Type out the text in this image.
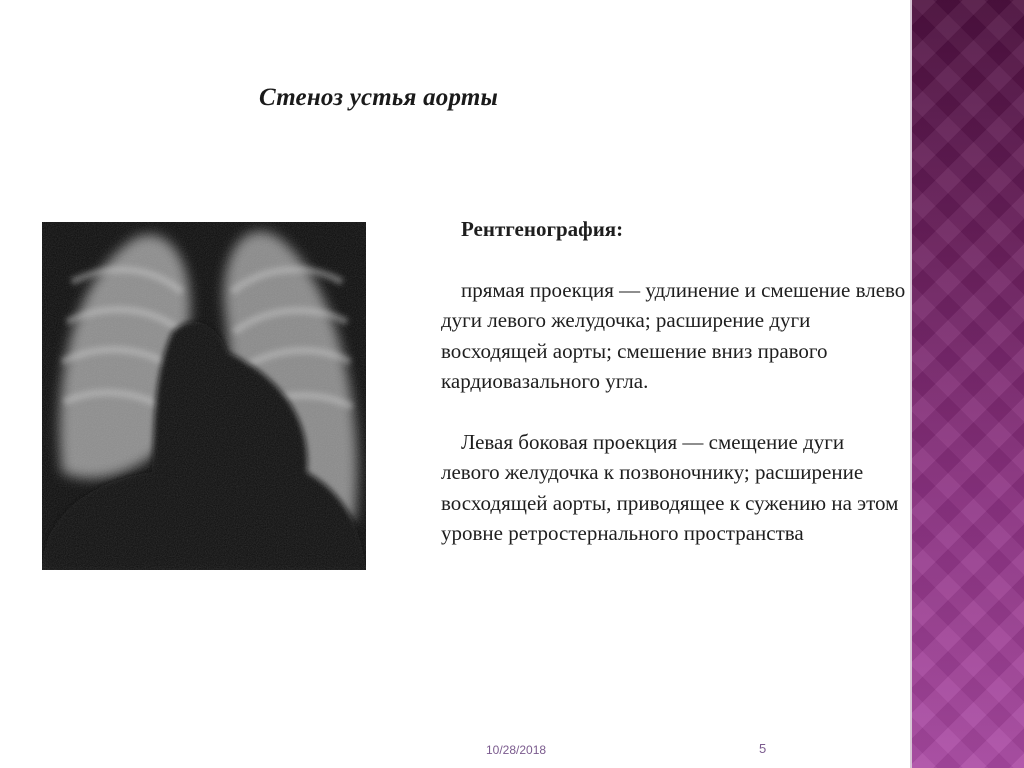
Стеноз устья аорты

Рентгенография:

прямая проекция — удлинение и смешение влево дуги левого желудочка; расширение дуги восходящей аорты; смешение вниз правого кардиовазального угла.

Левая боковая проекция — смещение дуги левого желудочка к позвоночнику; расширение восходящей аорты, приводящее к сужению на этом уровне ретростернального пространства

10/28/2018	5
